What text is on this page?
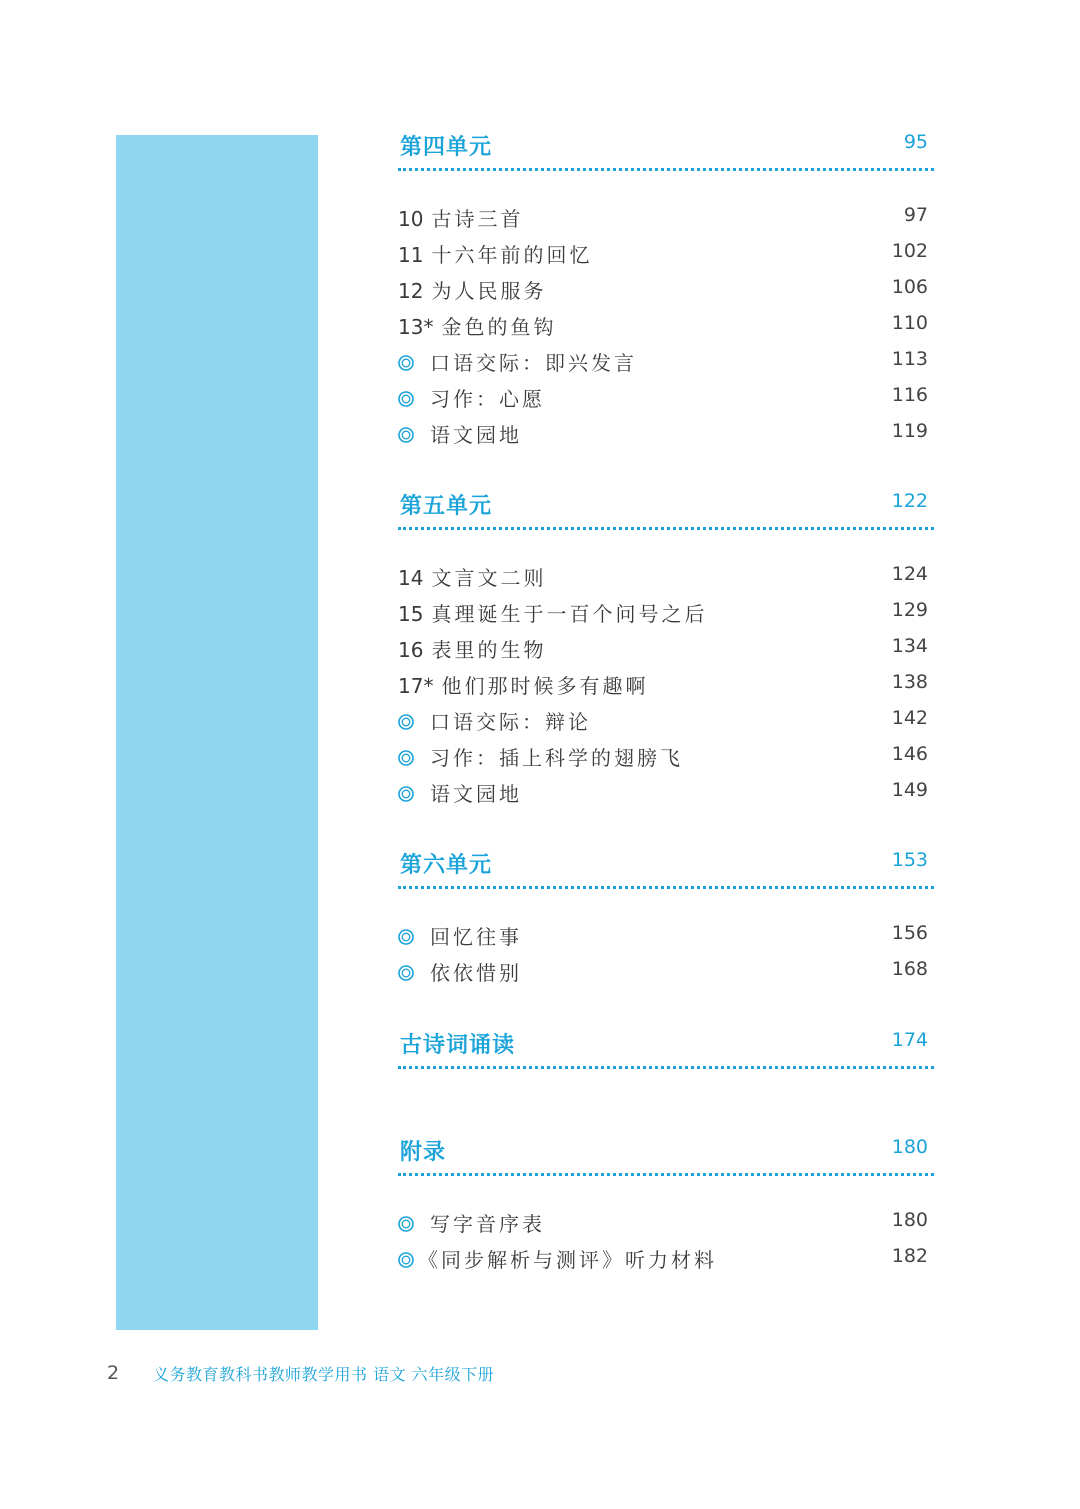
第四单元	95
10 古诗三首	97
11 十六年前的回忆	102
12 为人民服务	106
13* 金色的鱼钩	110
口语交际：即兴发言	113
习作：心愿	116
语文园地	119
第五单元	122
14 文言文二则	124
15 真理诞生于一百个问号之后	129
16 表里的生物	134
17* 他们那时候多有趣啊	138
口语交际：辩论	142
习作：插上科学的翅膀飞	146
语文园地	149
第六单元	153
回忆往事	156
依依惜别	168
古诗词诵读	174
附录	180
写字音序表	180
《同步解析与测评》听力材料	182
2 义务教育教科书教师教学用书 语文 六年级下册
